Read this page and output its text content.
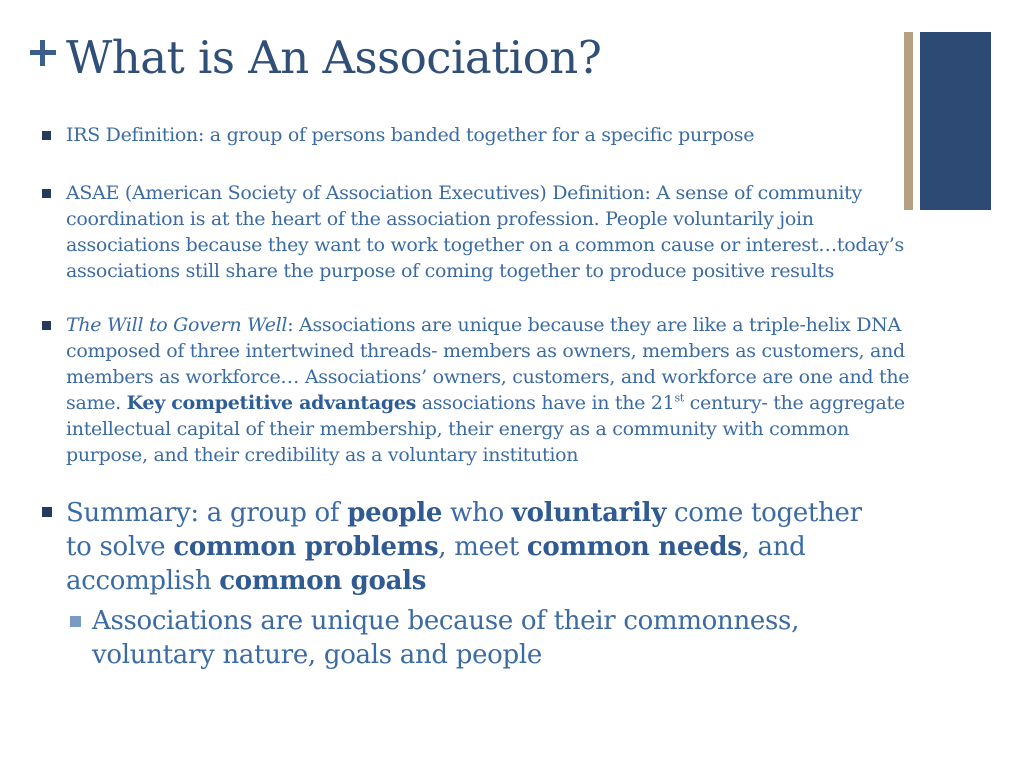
What is An Association?
IRS Definition: a group of persons banded together for a specific purpose
ASAE (American Society of Association Executives) Definition: A sense of community coordination is at the heart of the association profession. People voluntarily join associations because they want to work together on a common cause or interest…today’s associations still share the purpose of coming together to produce positive results
The Will to Govern Well: Associations are unique because they are like a triple-helix DNA composed of three intertwined threads- members as owners, members as customers, and members as workforce… Associations’ owners, customers, and workforce are one and the same. Key competitive advantages associations have in the 21st century- the aggregate intellectual capital of their membership, their energy as a community with common purpose, and their credibility as a voluntary institution
Summary: a group of people who voluntarily come together to solve common problems, meet common needs, and accomplish common goals
Associations are unique because of their commonness, voluntary nature, goals and people
